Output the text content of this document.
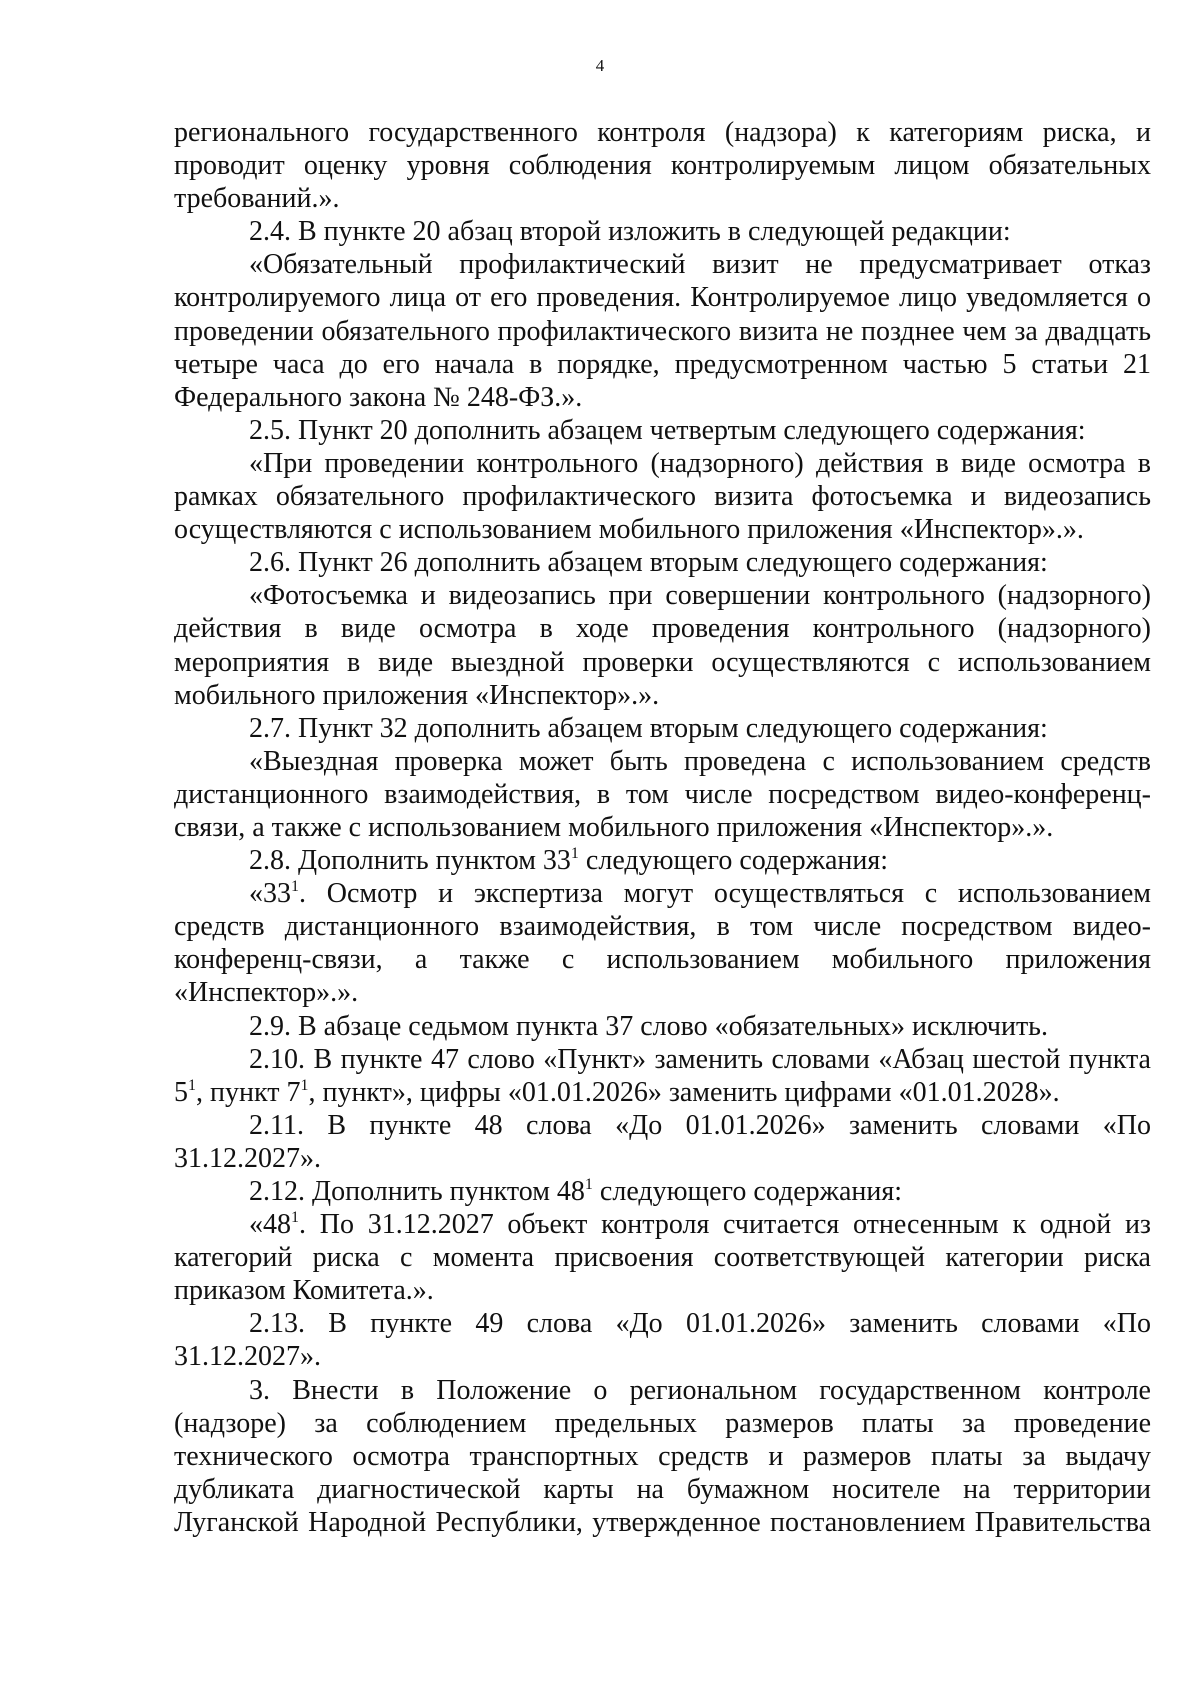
4

регионального государственного контроля (надзора) к категориям риска, и проводит оценку уровня соблюдения контролируемым лицом обязательных требований.».

2.4. В пункте 20 абзац второй изложить в следующей редакции:

«Обязательный профилактический визит не предусматривает отказ контролируемого лица от его проведения. Контролируемое лицо уведомляется о проведении обязательного профилактического визита не позднее чем за двадцать четыре часа до его начала в порядке, предусмотренном частью 5 статьи 21 Федерального закона № 248-ФЗ.».

2.5. Пункт 20 дополнить абзацем четвертым следующего содержания:

«При проведении контрольного (надзорного) действия в виде осмотра в рамках обязательного профилактического визита фотосъемка и видеозапись осуществляются с использованием мобильного приложения «Инспектор».».

2.6. Пункт 26 дополнить абзацем вторым следующего содержания:

«Фотосъемка и видеозапись при совершении контрольного (надзорного) действия в виде осмотра в ходе проведения контрольного (надзорного) мероприятия в виде выездной проверки осуществляются с использованием мобильного приложения «Инспектор».».

2.7. Пункт 32 дополнить абзацем вторым следующего содержания:

«Выездная проверка может быть проведена с использованием средств дистанционного взаимодействия, в том числе посредством видео-конференц-связи, а также с использованием мобильного приложения «Инспектор».».

2.8. Дополнить пунктом $33^1$ следующего содержания:

«$33^1$. Осмотр и экспертиза могут осуществляться с использованием средств дистанционного взаимодействия, в том числе посредством видео-конференц-связи, а также с использованием мобильного приложения «Инспектор».».

2.9. В абзаце седьмом пункта 37 слово «обязательных» исключить.

2.10. В пункте 47 слово «Пункт» заменить словами «Абзац шестой пункта $5^1$, пункт $7^1$, пункт», цифры «01.01.2026» заменить цифрами «01.01.2028».

2.11. В пункте 48 слова «До 01.01.2026» заменить словами «По 31.12.2027».

2.12. Дополнить пунктом $48^1$ следующего содержания:

«$48^1$. По 31.12.2027 объект контроля считается отнесенным к одной из категорий риска с момента присвоения соответствующей категории риска приказом Комитета.».

2.13. В пункте 49 слова «До 01.01.2026» заменить словами «По 31.12.2027».

3. Внести в Положение о региональном государственном контроле (надзоре) за соблюдением предельных размеров платы за проведение технического осмотра транспортных средств и размеров платы за выдачу дубликата диагностической карты на бумажном носителе на территории Луганской Народной Республики, утвержденное постановлением Правительства
